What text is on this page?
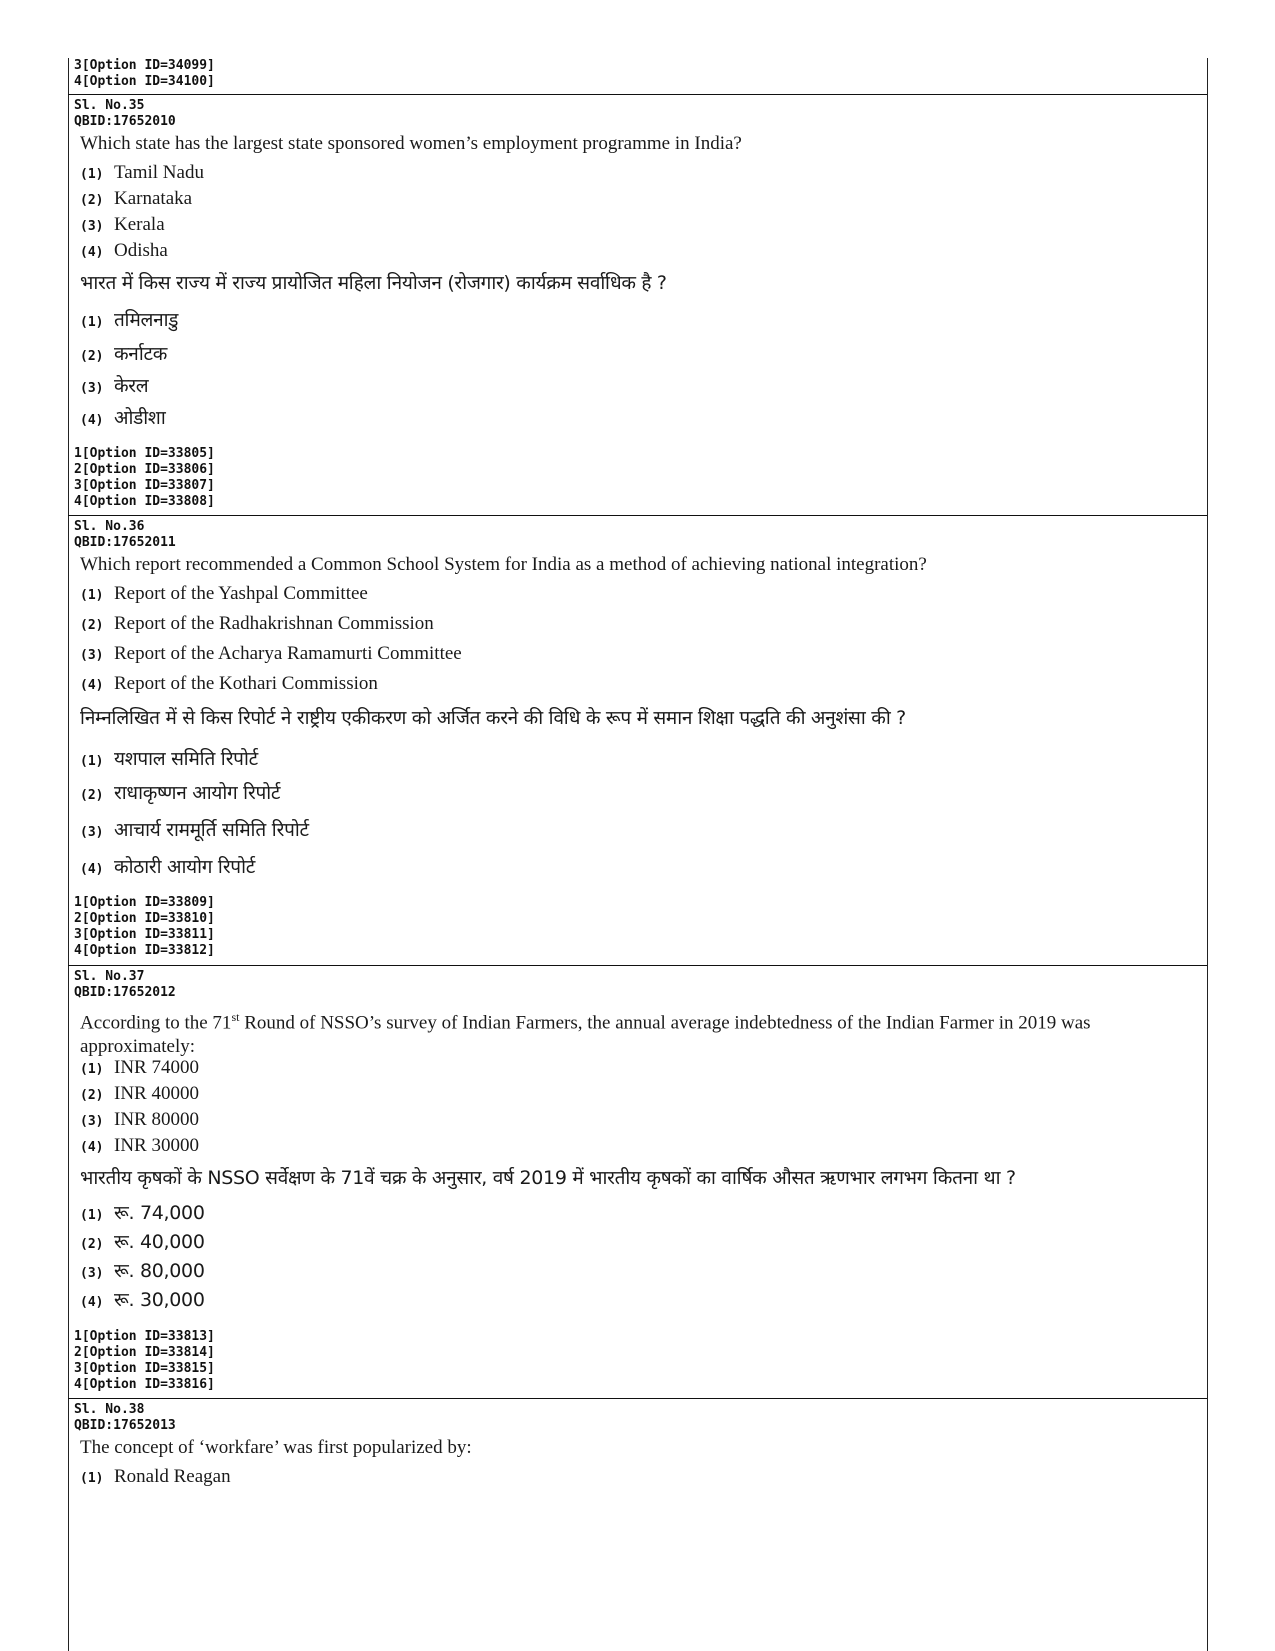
3[Option ID=34099]
4[Option ID=34100]
Sl. No.35
QBID:17652010
Which state has the largest state sponsored women’s employment programme in India?
(1) Tamil Nadu
(2) Karnataka
(3) Kerala
(4) Odisha
भारत में किस राज्य में राज्य प्रायोजित महिला नियोजन (रोजगार) कार्यक्रम सर्वाधिक है ?
(1) तमिलनाडु
(2) कर्नाटक
(3) केरल
(4) ओडीशा
1[Option ID=33805]
2[Option ID=33806]
3[Option ID=33807]
4[Option ID=33808]
Sl. No.36
QBID:17652011
Which report recommended a Common School System for India as a method of achieving national integration?
(1) Report of the Yashpal Committee
(2) Report of the Radhakrishnan Commission
(3) Report of the Acharya Ramamurti Committee
(4) Report of the Kothari Commission
निम्नलिखित में से किस रिपोर्ट ने राष्ट्रीय एकीकरण को अर्जित करने की विधि के रूप में समान शिक्षा पद्धति की अनुशंसा की ?
(1) यशपाल समिति रिपोर्ट
(2) राधाकृष्णन आयोग रिपोर्ट
(3) आचार्य राममूर्ति समिति रिपोर्ट
(4) कोठारी आयोग रिपोर्ट
1[Option ID=33809]
2[Option ID=33810]
3[Option ID=33811]
4[Option ID=33812]
Sl. No.37
QBID:17652012
According to the 71st Round of NSSO’s survey of Indian Farmers, the annual average indebtedness of the Indian Farmer in 2019 was approximately:
(1) INR 74000
(2) INR 40000
(3) INR 80000
(4) INR 30000
भारतीय कृषकों के NSSO सर्वेक्षण के 71वें चक्र के अनुसार, वर्ष 2019 में भारतीय कृषकों का वार्षिक औसत ऋणभार लगभग कितना था ?
(1) रू. 74,000
(2) रू. 40,000
(3) रू. 80,000
(4) रू. 30,000
1[Option ID=33813]
2[Option ID=33814]
3[Option ID=33815]
4[Option ID=33816]
Sl. No.38
QBID:17652013
The concept of ‘workfare’ was first popularized by:
(1) Ronald Reagan
